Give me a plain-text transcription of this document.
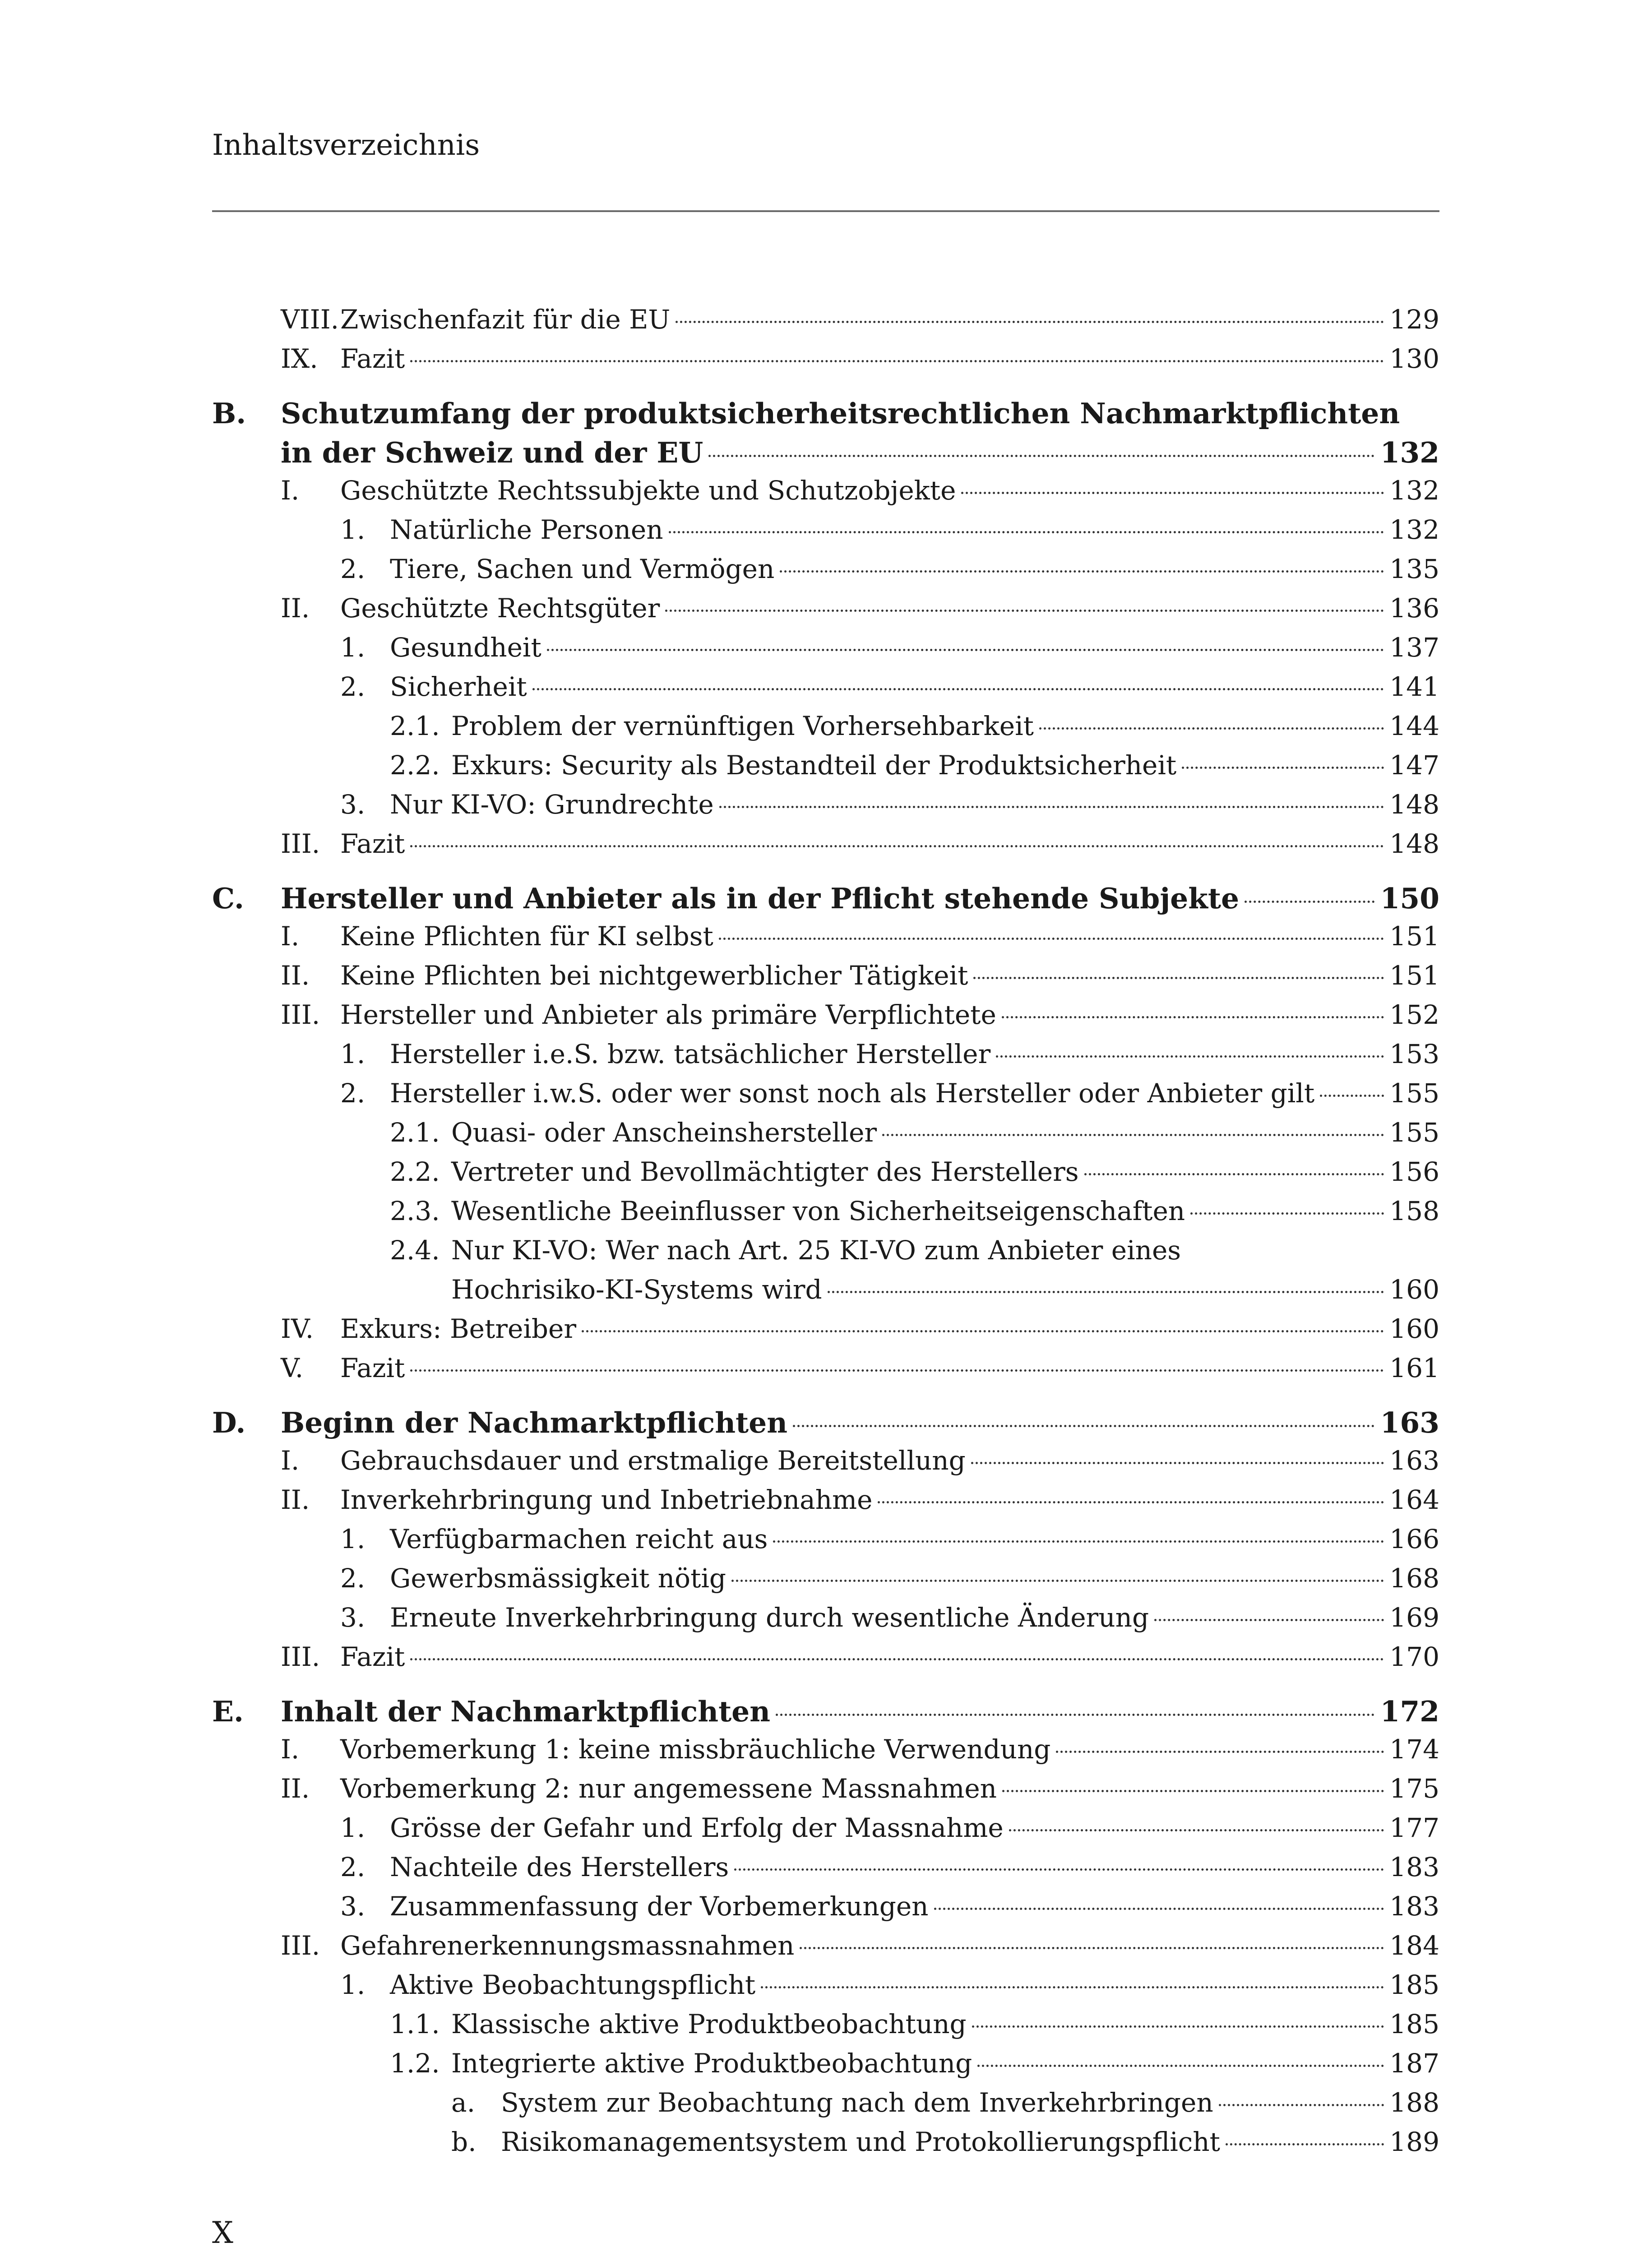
Inhaltsverzeichnis
VIII. Zwischenfazit für die EU	129
IX. Fazit	130
B. Schutzumfang der produktsicherheitsrechtlichen Nachmarktpflichten
in der Schweiz und der EU	132
I. Geschützte Rechtssubjekte und Schutzobjekte	132
1. Natürliche Personen	132
2. Tiere, Sachen und Vermögen	135
II. Geschützte Rechtsgüter	136
1. Gesundheit	137
2. Sicherheit	141
2.1. Problem der vernünftigen Vorhersehbarkeit	144
2.2. Exkurs: Security als Bestandteil der Produktsicherheit	147
3. Nur KI-VO: Grundrechte	148
III. Fazit	148
C. Hersteller und Anbieter als in der Pflicht stehende Subjekte	150
I. Keine Pflichten für KI selbst	151
II. Keine Pflichten bei nichtgewerblicher Tätigkeit	151
III. Hersteller und Anbieter als primäre Verpflichtete	152
1. Hersteller i.e.S. bzw. tatsächlicher Hersteller	153
2. Hersteller i.w.S. oder wer sonst noch als Hersteller oder Anbieter gilt	155
2.1. Quasi- oder Anscheinshersteller	155
2.2. Vertreter und Bevollmächtigter des Herstellers	156
2.3. Wesentliche Beeinflusser von Sicherheitseigenschaften	158
2.4. Nur KI-VO: Wer nach Art. 25 KI-VO zum Anbieter eines
Hochrisiko-KI-Systems wird	160
IV. Exkurs: Betreiber	160
V. Fazit	161
D. Beginn der Nachmarktpflichten	163
I. Gebrauchsdauer und erstmalige Bereitstellung	163
II. Inverkehrbringung und Inbetriebnahme	164
1. Verfügbarmachen reicht aus	166
2. Gewerbsmässigkeit nötig	168
3. Erneute Inverkehrbringung durch wesentliche Änderung	169
III. Fazit	170
E. Inhalt der Nachmarktpflichten	172
I. Vorbemerkung 1: keine missbräuchliche Verwendung	174
II. Vorbemerkung 2: nur angemessene Massnahmen	175
1. Grösse der Gefahr und Erfolg der Massnahme	177
2. Nachteile des Herstellers	183
3. Zusammenfassung der Vorbemerkungen	183
III. Gefahrenerkennungsmassnahmen	184
1. Aktive Beobachtungspflicht	185
1.1. Klassische aktive Produktbeobachtung	185
1.2. Integrierte aktive Produktbeobachtung	187
a. System zur Beobachtung nach dem Inverkehrbringen	188
b. Risikomanagementsystem und Protokollierungspflicht	189
X
